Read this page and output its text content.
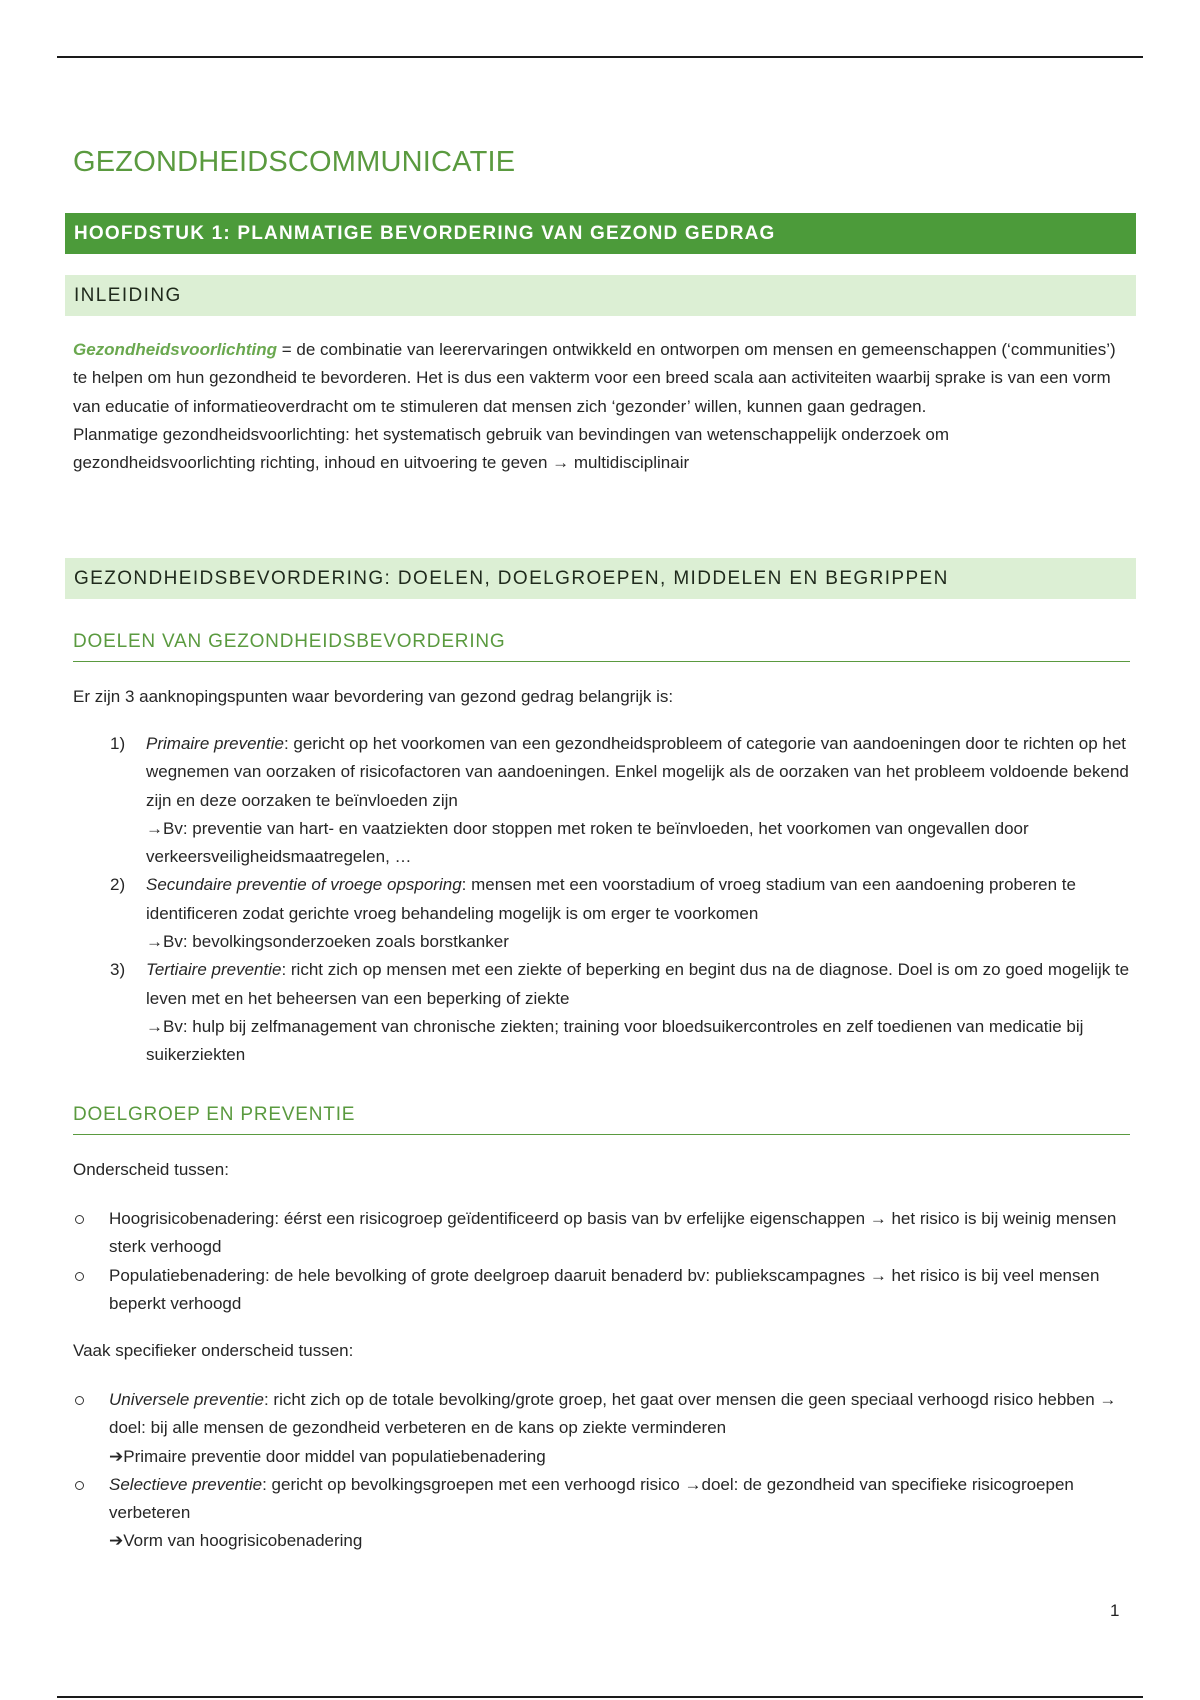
GEZONDHEIDSCOMMUNICATIE
HOOFDSTUK 1: PLANMATIGE BEVORDERING VAN GEZOND GEDRAG
INLEIDING

Gezondheidsvoorlichting = de combinatie van leerervaringen ontwikkeld en ontworpen om mensen en gemeenschappen (‘communities’) te helpen om hun gezondheid te bevorderen. Het is dus een vakterm voor een breed scala aan activiteiten waarbij sprake is van een vorm van educatie of informatieoverdracht om te stimuleren dat mensen zich ‘gezonder’ willen, kunnen gaan gedragen.
Planmatige gezondheidsvoorlichting: het systematisch gebruik van bevindingen van wetenschappelijk onderzoek om gezondheidsvoorlichting richting, inhoud en uitvoering te geven → multidisciplinair

GEZONDHEIDSBEVORDERING: DOELEN, DOELGROEPEN, MIDDELEN EN BEGRIPPEN
DOELEN VAN GEZONDHEIDSBEVORDERING

Er zijn 3 aanknopingspunten waar bevordering van gezond gedrag belangrijk is:

1) Primaire preventie: gericht op het voorkomen van een gezondheidsprobleem of categorie van aandoeningen door te richten op het wegnemen van oorzaken of risicofactoren van aandoeningen. Enkel mogelijk als de oorzaken van het probleem voldoende bekend zijn en deze oorzaken te beïnvloeden zijn
→Bv: preventie van hart- en vaatziekten door stoppen met roken te beïnvloeden, het voorkomen van ongevallen door verkeersveiligheidsmaatregelen, …
2) Secundaire preventie of vroege opsporing: mensen met een voorstadium of vroeg stadium van een aandoening proberen te identificeren zodat gerichte vroeg behandeling mogelijk is om erger te voorkomen
→Bv: bevolkingsonderzoeken zoals borstkanker
3) Tertiaire preventie: richt zich op mensen met een ziekte of beperking en begint dus na de diagnose. Doel is om zo goed mogelijk te leven met en het beheersen van een beperking of ziekte
→Bv: hulp bij zelfmanagement van chronische ziekten; training voor bloedsuikercontroles en zelf toedienen van medicatie bij suikerziekten
DOELGROEP EN PREVENTIE

Onderscheid tussen:

Hoogrisicobenadering: éérst een risicogroep geïdentificeerd op basis van bv erfelijke eigenschappen → het risico is bij weinig mensen sterk verhoogd
Populatiebenadering: de hele bevolking of grote deelgroep daaruit benaderd bv: publiekscampagnes → het risico is bij veel mensen beperkt verhoogd

Vaak specifieker onderscheid tussen:

Universele preventie: richt zich op de totale bevolking/grote groep, het gaat over mensen die geen speciaal verhoogd risico hebben → doel: bij alle mensen de gezondheid verbeteren en de kans op ziekte verminderen
➔Primaire preventie door middel van populatiebenadering
Selectieve preventie: gericht op bevolkingsgroepen met een verhoogd risico →doel: de gezondheid van specifieke risicogroepen verbeteren
➔Vorm van hoogrisicobenadering
1
